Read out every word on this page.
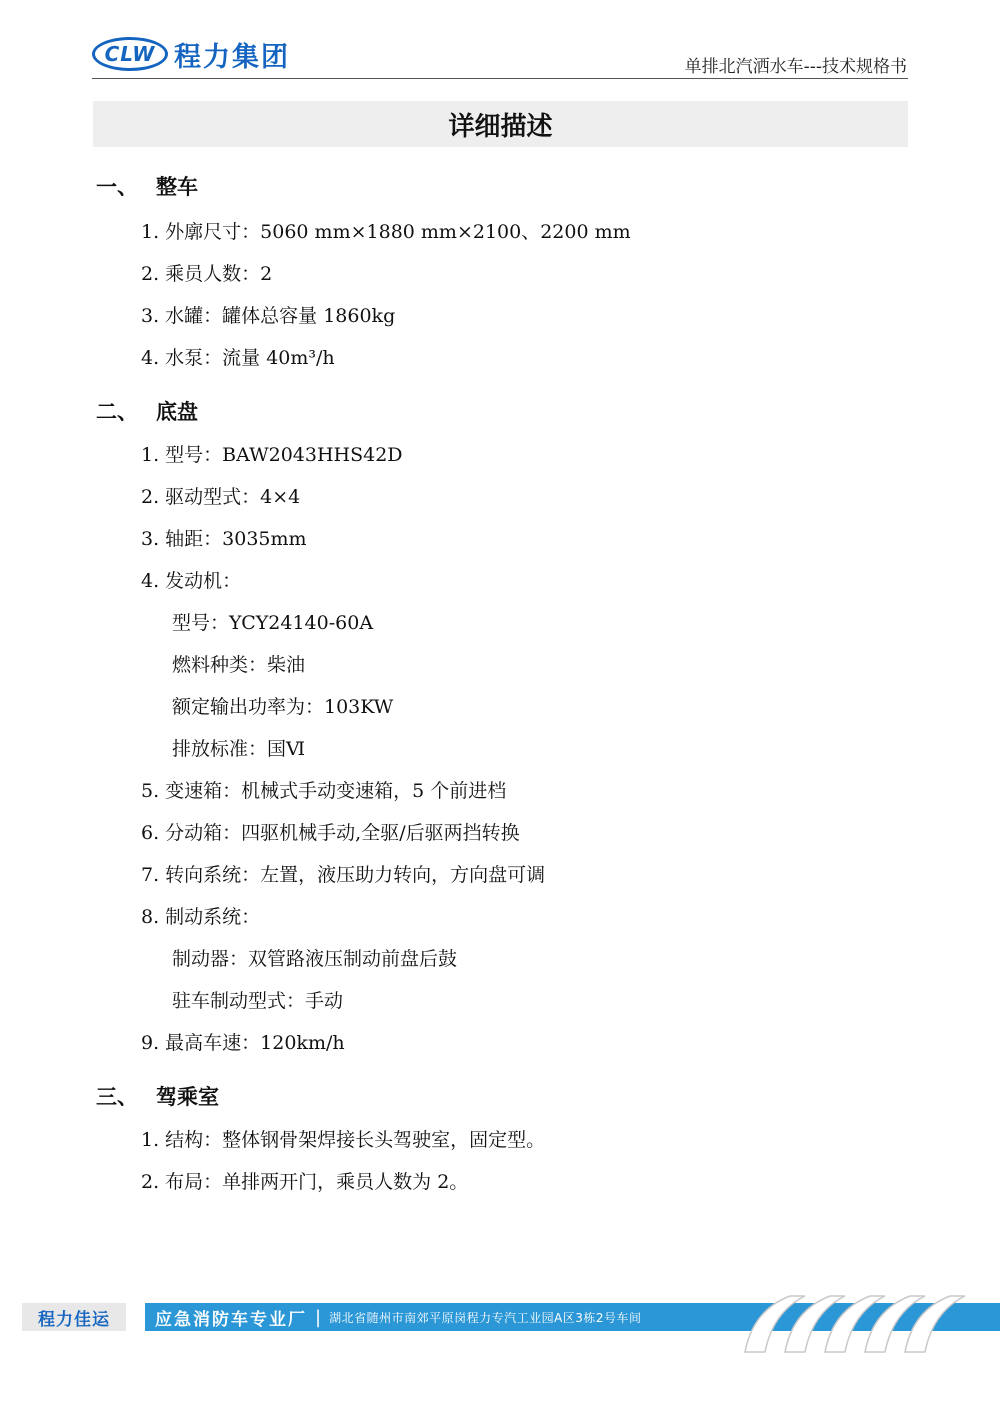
CLW 程力集团	单排北汽洒水车---技术规格书
详细描述
一、 整车
1. 外廓尺寸：5060 mm×1880 mm×2100、2200 mm
2. 乘员人数：2
3. 水罐：罐体总容量 1860kg
4. 水泵：流量 40m³/h
二、 底盘
1. 型号：BAW2043HHS42D
2. 驱动型式：4×4
3. 轴距：3035mm
4. 发动机：
型号：YCY24140-60A
燃料种类：柴油
额定输出功率为：103KW
排放标准：国Ⅵ
5. 变速箱：机械式手动变速箱，5 个前进档
6. 分动箱：四驱机械手动,全驱/后驱两挡转换
7. 转向系统：左置，液压助力转向，方向盘可调
8. 制动系统：
制动器：双管路液压制动前盘后鼓
驻车制动型式：手动
9. 最高车速：120km/h
三、 驾乘室
1. 结构：整体钢骨架焊接长头驾驶室，固定型。
2. 布局：单排两开门，乘员人数为 2。
程力佳运	应急消防车专业厂 | 湖北省随州市南郊平原岗程力专汽工业园A区3栋2号车间
